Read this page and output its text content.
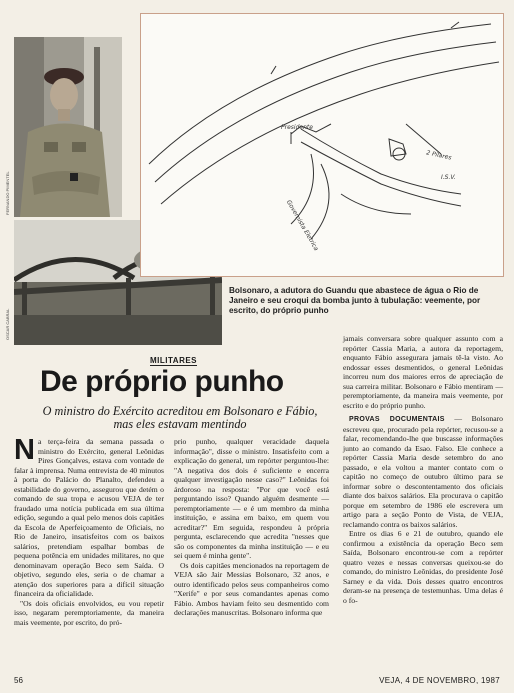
FERNANDO PIMENTEL
OSCAR CABRAL
Presidente
2 Pilares
I.S.V.
Governista Eletrica
Bolsonaro, a adutora do Guandu que abastece de água o Rio de Janeiro e seu croqui da bomba junto à tubulação: veemente, por escrito, do próprio punho
MILITARES
De próprio punho
O ministro do Exército acreditou em Bolsonaro e Fábio, mas eles estavam mentindo

Na terça-feira da semana passada o ministro do Exército, general Leônidas Pires Gonçalves, estava com vontade de falar à imprensa. Numa entrevista de 40 minutos à porta do Palácio do Planalto, defendeu a estabilidade do governo, assegurou que detém o comando de sua tropa e acusou VEJA de ter fraudado uma notícia publicada em sua última edição, segundo a qual pelo menos dois capitães da Escola de Aperfeiçoamento de Oficiais, no Rio de Janeiro, insatisfeitos com os baixos salários, pretendiam espalhar bombas de pequena potência em unidades militares, no que denominavam operação Beco sem Saída. O objetivo, segundo eles, seria o de chamar a atenção dos superiores para a difícil situação financeira da oficialidade.

"Os dois oficiais envolvidos, eu vou repetir isso, negaram peremptoriamente, da maneira mais veemente, por escrito, do pró-

prio punho, qualquer veracidade daquela informação", disse o ministro. Insatisfeito com a explicação do general, um repórter perguntou-lhe: "A negativa dos dois é suficiente e encerra qualquer investigação nesse caso?" Leônidas foi árdoroso na resposta: "Por que você está perguntando isso? Quando alguém desmente — peremptoriamente — e é um membro da minha instituição, e assina em baixo, em quem vou acreditar?" Em seguida, respondeu à própria pergunta, esclarecendo que acredita "nesses que são os componentes da minha instituição — e eu sei quem é minha gente".

Os dois capitães mencionados na reportagem de VEJA são Jair Messias Bolsonaro, 32 anos, e outro identificado pelos seus companheiros como "Xerife" e por seus comandantes apenas como Fábio. Ambos haviam feito seu desmentido com declarações manuscritas. Bolsonaro informa que

jamais conversara sobre qualquer assunto com a repórter Cassia Maria, a autora da reportagem, enquanto Fábio assegurara jamais tê-la visto. Ao endossar esses desmentidos, o general Leônidas incorreu num dos maiores erros de apreciação de sua carreira militar. Bolsonaro e Fábio mentiram — peremptoriamente, da maneira mais veemente, por escrito e do próprio punho.

PROVAS DOCUMENTAIS — Bolsonaro escreveu que, procurado pela repórter, recusou-se a falar, recomendando-lhe que buscasse informações junto ao comando da Esao. Falso. Ele conhece a repórter Cassia Maria desde setembro do ano passado, e ela voltou a manter contato com o capitão no começo de outubro último para se informar sobre o descontentamento dos oficiais diante dos baixos salários. Ela procurava o capitão porque em setembro de 1986 ele escrevera um artigo para a seção Ponto de Vista, de VEJA, reclamando contra os baixos salários.

Entre os dias 6 e 21 de outubro, quando ele confirmou a existência da operação Beco sem Saída, Bolsonaro encontrou-se com a repórter quatro vezes e nessas conversas queixou-se do comando, do ministro Leônidas, do presidente José Sarney e da vida. Dois desses quatro encontros deram-se na presença de testemunhas. Uma delas é o fo-

56	VEJA, 4 DE NOVEMBRO, 1987
